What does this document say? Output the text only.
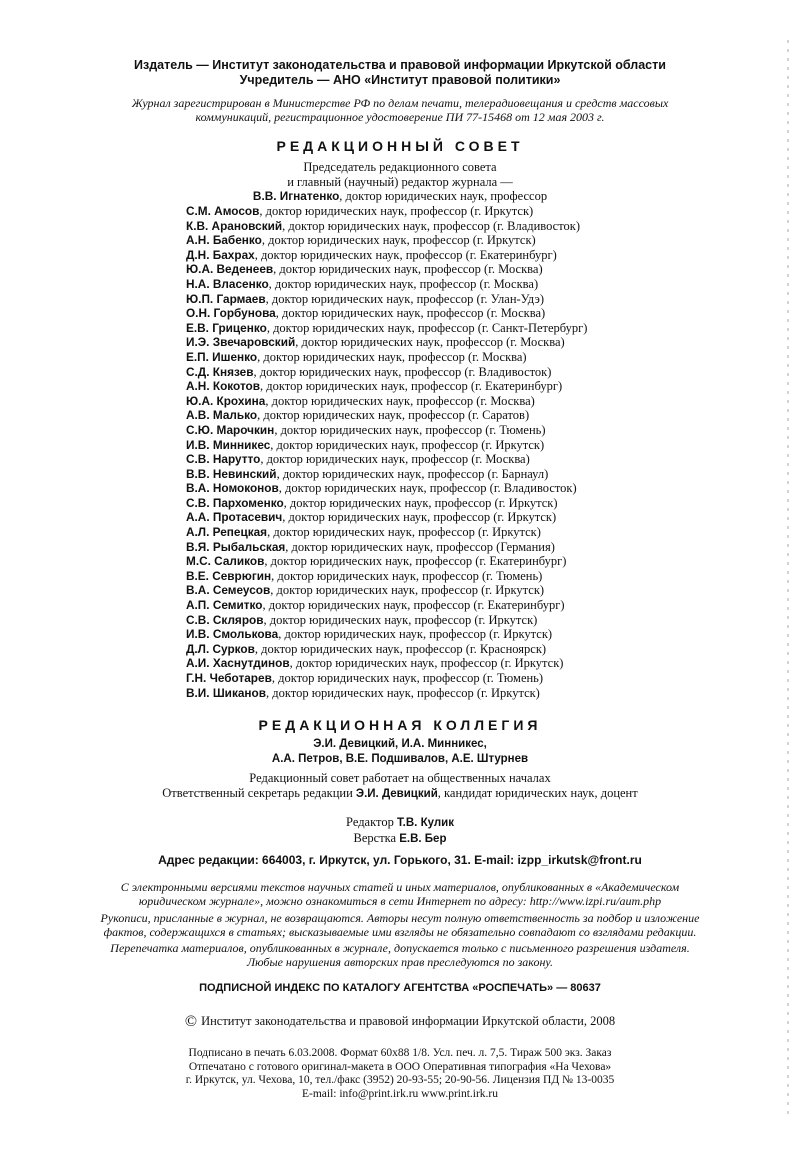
Издатель — Институт законодательства и правовой информации Иркутской области
Учредитель — АНО «Институт правовой политики»
Журнал зарегистрирован в Министерстве РФ по делам печати, телерадиовещания и средств массовых
коммуникаций, регистрационное удостоверение ПИ 77-15468 от 12 мая 2003 г.
РЕДАКЦИОННЫЙ СОВЕТ
Председатель редакционного совета
и главный (научный) редактор журнала —
В.В. Игнатенко, доктор юридических наук, профессор
С.М. Амосов, доктор юридических наук, профессор (г. Иркутск)
К.В. Арановский, доктор юридических наук, профессор (г. Владивосток)
А.Н. Бабенко, доктор юридических наук, профессор (г. Иркутск)
Д.Н. Бахрах, доктор юридических наук, профессор (г. Екатеринбург)
Ю.А. Веденеев, доктор юридических наук, профессор (г. Москва)
Н.А. Власенко, доктор юридических наук, профессор (г. Москва)
Ю.П. Гармаев, доктор юридических наук, профессор (г. Улан-Удэ)
О.Н. Горбунова, доктор юридических наук, профессор (г. Москва)
Е.В. Гриценко, доктор юридических наук, профессор (г. Санкт-Петербург)
И.Э. Звечаровский, доктор юридических наук, профессор (г. Москва)
Е.П. Ишенко, доктор юридических наук, профессор (г. Москва)
С.Д. Князев, доктор юридических наук, профессор (г. Владивосток)
А.Н. Кокотов, доктор юридических наук, профессор (г. Екатеринбург)
Ю.А. Крохина, доктор юридических наук, профессор (г. Москва)
А.В. Малько, доктор юридических наук, профессор (г. Саратов)
С.Ю. Марочкин, доктор юридических наук, профессор (г. Тюмень)
И.В. Минникес, доктор юридических наук, профессор (г. Иркутск)
С.В. Нарутто, доктор юридических наук, профессор (г. Москва)
В.В. Невинский, доктор юридических наук, профессор (г. Барнаул)
В.А. Номоконов, доктор юридических наук, профессор (г. Владивосток)
С.В. Пархоменко, доктор юридических наук, профессор (г. Иркутск)
А.А. Протасевич, доктор юридических наук, профессор (г. Иркутск)
А.Л. Репецкая, доктор юридических наук, профессор (г. Иркутск)
В.Я. Рыбальская, доктор юридических наук, профессор (Германия)
М.С. Саликов, доктор юридических наук, профессор (г. Екатеринбург)
В.Е. Севрюгин, доктор юридических наук, профессор (г. Тюмень)
В.А. Семеусов, доктор юридических наук, профессор (г. Иркутск)
А.П. Семитко, доктор юридических наук, профессор (г. Екатеринбург)
С.В. Скляров, доктор юридических наук, профессор (г. Иркутск)
И.В. Смолькова, доктор юридических наук, профессор (г. Иркутск)
Д.Л. Сурков, доктор юридических наук, профессор (г. Красноярск)
А.И. Хаснутдинов, доктор юридических наук, профессор (г. Иркутск)
Г.Н. Чеботарев, доктор юридических наук, профессор (г. Тюмень)
В.И. Шиканов, доктор юридических наук, профессор (г. Иркутск)
РЕДАКЦИОННАЯ КОЛЛЕГИЯ
Э.И. Девицкий, И.А. Минникес,
А.А. Петров, В.Е. Подшивалов, А.Е. Штурнев
Редакционный совет работает на общественных началах
Ответственный секретарь редакции Э.И. Девицкий, кандидат юридических наук, доцент
Редактор Т.В. Кулик
Верстка Е.В. Бер
Адрес редакции: 664003, г. Иркутск, ул. Горького, 31. E-mail: izpp_irkutsk@front.ru
С электронными версиями текстов научных статей и иных материалов, опубликованных в «Академическом
юридическом журнале», можно ознакомиться в сети Интернет по адресу: http://www.izpi.ru/aum.php
Рукописи, присланные в журнал, не возвращаются. Авторы несут полную ответственность за подбор и изложение
фактов, содержащихся в статьях; высказываемые ими взгляды не обязательно совпадают со взглядами редакции.
Перепечатка материалов, опубликованных в журнале, допускается только с письменного разрешения издателя.
Любые нарушения авторских прав преследуются по закону.
ПОДПИСНОЙ ИНДЕКС ПО КАТАЛОГУ АГЕНТСТВА «РОСПЕЧАТЬ» — 80637
© Институт законодательства и правовой информации Иркутской области, 2008
Подписано в печать 6.03.2008. Формат 60x88 1/8. Усл. печ. л. 7,5. Тираж 500 экз. Заказ
Отпечатано с готового оригинал-макета в ООО Оперативная типография «На Чехова»
г. Иркутск, ул. Чехова, 10, тел./факс (3952) 20-93-55; 20-90-56. Лицензия ПД № 13-0035
E-mail: info@print.irk.ru www.print.irk.ru
